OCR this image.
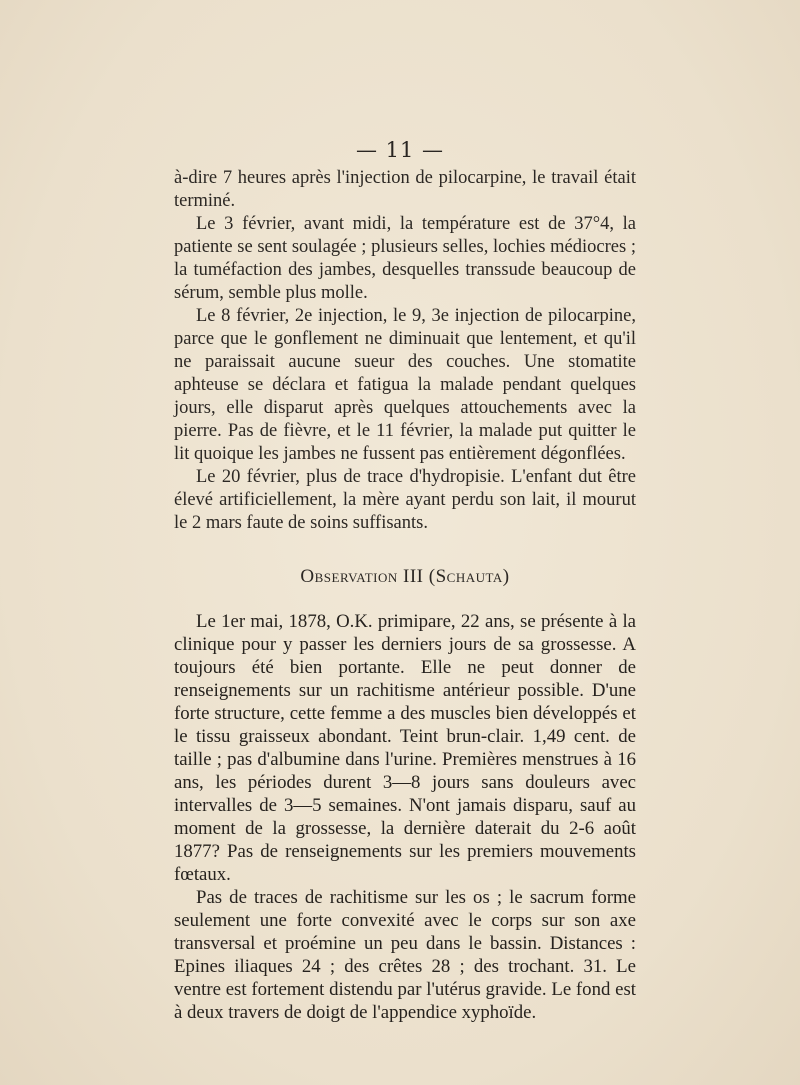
— 11 —

à-dire 7 heures après l'injection de pilocarpine, le travail était terminé.

Le 3 février, avant midi, la température est de 37°4, la patiente se sent soulagée ; plusieurs selles, lochies médiocres ; la tuméfaction des jambes, desquelles transsude beaucoup de sérum, semble plus molle.

Le 8 février, 2e injection, le 9, 3e injection de pilocarpine, parce que le gonflement ne diminuait que lentement, et qu'il ne paraissait aucune sueur des couches. Une stomatite aphteuse se déclara et fatigua la malade pendant quelques jours, elle disparut après quelques attouchements avec la pierre. Pas de fièvre, et le 11 février, la malade put quitter le lit quoique les jambes ne fussent pas entièrement dégonflées.

Le 20 février, plus de trace d'hydropisie. L'enfant dut être élevé artificiellement, la mère ayant perdu son lait, il mourut le 2 mars faute de soins suffisants.

Observation III (Schauta)

Le 1er mai, 1878, O.K. primipare, 22 ans, se présente à la clinique pour y passer les derniers jours de sa grossesse. A toujours été bien portante. Elle ne peut donner de renseignements sur un rachitisme antérieur possible. D'une forte structure, cette femme a des muscles bien développés et le tissu graisseux abondant. Teint brun-clair. 1,49 cent. de taille ; pas d'albumine dans l'urine. Premières menstrues à 16 ans, les périodes durent 3—8 jours sans douleurs avec intervalles de 3—5 semaines. N'ont jamais disparu, sauf au moment de la grossesse, la dernière daterait du 2-6 août 1877? Pas de renseignements sur les premiers mouvements fœtaux.

Pas de traces de rachitisme sur les os ; le sacrum forme seulement une forte convexité avec le corps sur son axe transversal et proémine un peu dans le bassin. Distances : Epines iliaques 24 ; des crêtes 28 ; des trochant. 31. Le ventre est fortement distendu par l'utérus gravide. Le fond est à deux travers de doigt de l'appendice xyphoïde.
